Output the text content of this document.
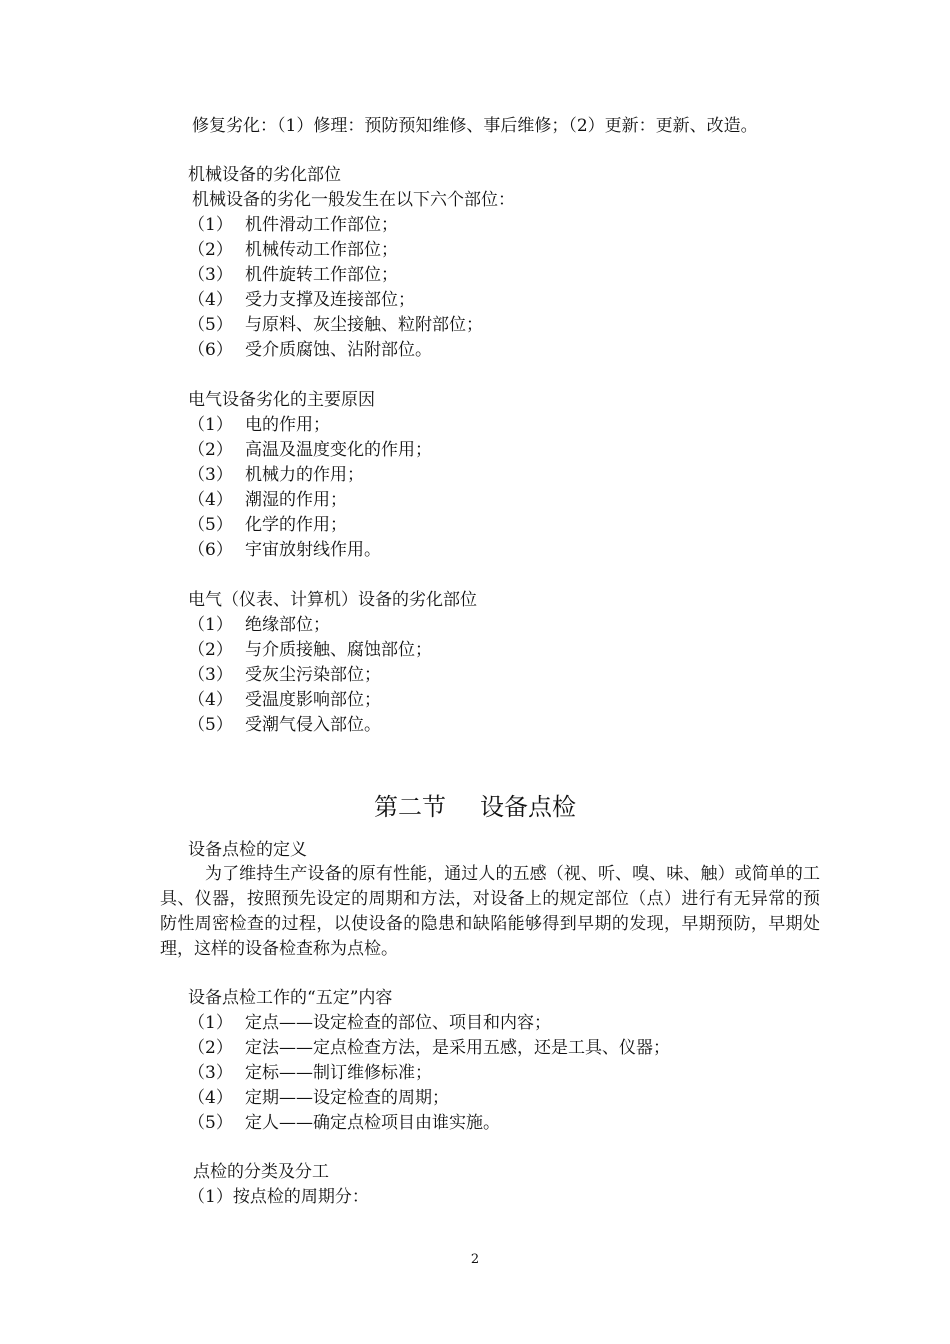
修复劣化：（1）修理：预防预知维修、事后维修；（2）更新：更新、改造。
机械设备的劣化部位
机械设备的劣化一般发生在以下六个部位：
（1） 机件滑动工作部位；
（2） 机械传动工作部位；
（3） 机件旋转工作部位；
（4） 受力支撑及连接部位；
（5） 与原料、灰尘接触、粒附部位；
（6） 受介质腐蚀、沾附部位。
电气设备劣化的主要原因
（1） 电的作用；
（2） 高温及温度变化的作用；
（3） 机械力的作用；
（4） 潮湿的作用；
（5） 化学的作用；
（6） 宇宙放射线作用。
电气（仪表、计算机）设备的劣化部位
（1） 绝缘部位；
（2） 与介质接触、腐蚀部位；
（3） 受灰尘污染部位；
（4） 受温度影响部位；
（5） 受潮气侵入部位。
第二节 设备点检
设备点检的定义

为了维持生产设备的原有性能，通过人的五感（视、听、嗅、味、触）或简单的工具、仪器，按照预先设定的周期和方法，对设备上的规定部位（点）进行有无异常的预防性周密检查的过程，以使设备的隐患和缺陷能够得到早期的发现，早期预防，早期处理，这样的设备检查称为点检。

设备点检工作的“五定”内容
（1） 定点——设定检查的部位、项目和内容；
（2） 定法——定点检查方法，是采用五感，还是工具、仪器；
（3） 定标——制订维修标准；
（4） 定期——设定检查的周期；
（5） 定人——确定点检项目由谁实施。
点检的分类及分工
（1）按点检的周期分：
2
